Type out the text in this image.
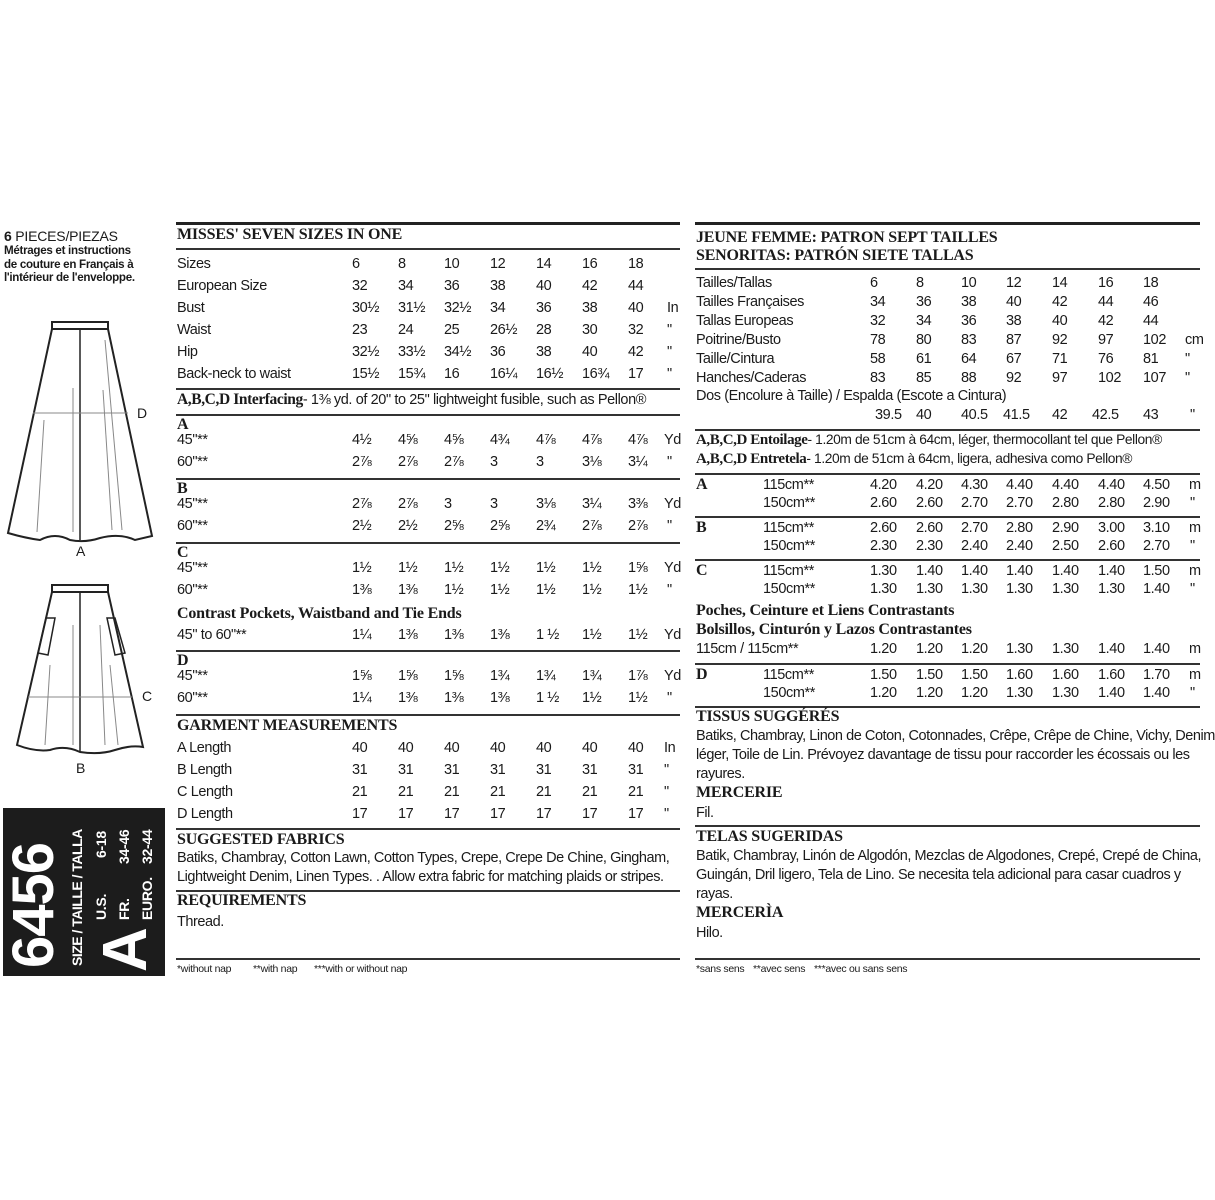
6 PIECES/PIEZAS
Métrages et instructions
de couture en Français à
l'intérieur de l'enveloppe.
D
A
C
B
6456 SIZE / TAILLE / TALLA A
U.S.
6-18
FR.
34-46
EURO.
32-44
MISSES' SEVEN SIZES IN ONE
Sizes	6	8	10 12 14 16 18
European Size	32 34 36 38 40 42 44
Bust	30½ 31½ 32½ 34 36 38 40 In
Waist	23 24 25 26½ 28 30 32 "
Hip	32½ 33½ 34½ 36 38 40 42 "
Back-neck to waist	15½ 15¾ 16 16¼ 16½ 16¾ 17 "
A,B,C,D Interfacing- 1⅜ yd. of 20" to 25" lightweight fusible, such as Pellon®
A
45"**	4½ 4⅝ 4⅝ 4¾ 4⅞ 4⅞ 4⅞ Yd
60"**	2⅞ 2⅞ 2⅞ 3	3	3⅛ 3¼ "
B
45"**	2⅞ 2⅞ 3	3	3⅛ 3¼ 3⅜ Yd
60"**	2½ 2½ 2⅝ 2⅝ 2¾ 2⅞ 2⅞ "
C
45"**	1½ 1½ 1½ 1½ 1½ 1½ 1⅝ Yd
60"**	1⅜ 1⅜ 1½ 1½ 1½ 1½ 1½ "
Contrast Pockets, Waistband and Tie Ends
45" to 60"**	1¼ 1⅜ 1⅜ 1⅜ 1 ½ 1½ 1½ Yd
D
45"**	1⅝ 1⅝ 1⅝ 1¾ 1¾ 1¾ 1⅞ Yd
60"**	1¼ 1⅜ 1⅜ 1⅜ 1 ½ 1½ 1½ "
GARMENT MEASUREMENTS
A Length	40 40 40 40 40 40 40 In
B Length	31 31 31 31 31 31 31 "
C Length	21 21 21 21 21 21 21 "
D Length	17 17 17 17 17 17 17 "
SUGGESTED FABRICS
Batiks, Chambray, Cotton Lawn, Cotton Types, Crepe, Crepe De Chine, Gingham,
Lightweight Denim, Linen Types. . Allow extra fabric for matching plaids or stripes.
REQUIREMENTS
Thread.
*without nap **with nap ***with or without nap
JEUNE FEMME: PATRON SEPT TAILLES
SENORITAS: PATRÓN SIETE TALLAS
Tailles/Tallas	6	8	10 12 14 16 18
Tailles Françaises	34 36 38 40 42 44 46
Tallas Europeas	32 34 36 38 40 42 44
Poitrine/Busto	78 80 83 87 92 97 102 cm
Taille/Cintura	58 61 64 67 71 76 81 "
Hanches/Caderas	83 85 88 92 97 102 107 "
Dos (Encolure à Taille) / Espalda (Escote a Cintura)
39.5 40 40.5 41.5 42 42.5 43 "
A,B,C,D Entoilage- 1.20m de 51cm à 64cm, léger, thermocollant tel que Pellon®
A,B,C,D Entretela- 1.20m de 51cm à 64cm, ligera, adhesiva como Pellon®
A	115cm**	4.20 4.20 4.30 4.40 4.40 4.40 4.50 m
150cm**	2.60 2.60 2.70 2.70 2.80 2.80 2.90 "
B	115cm**	2.60 2.60 2.70 2.80 2.90 3.00 3.10 m
150cm**	2.30 2.30 2.40 2.40 2.50 2.60 2.70 "
C	115cm**	1.30 1.40 1.40 1.40 1.40 1.40 1.50 m
150cm**	1.30 1.30 1.30 1.30 1.30 1.30 1.40 "
Poches, Ceinture et Liens Contrastants
Bolsillos, Cinturón y Lazos Contrastantes
115cm / 115cm**	1.20 1.20 1.20 1.30 1.30 1.40 1.40 m
D	115cm**	1.50 1.50 1.50 1.60 1.60 1.60 1.70 m
150cm**	1.20 1.20 1.20 1.30 1.30 1.40 1.40 "
TISSUS SUGGÉRÉS
Batiks, Chambray, Linon de Coton, Cotonnades, Crêpe, Crêpe de Chine, Vichy, Denim
léger, Toile de Lin. Prévoyez davantage de tissu pour raccorder les écossais ou les
rayures.
MERCERIE
Fil.
TELAS SUGERIDAS
Batik, Chambray, Linón de Algodón, Mezclas de Algodones, Crepé, Crepé de China,
Guingán, Dril ligero, Tela de Lino. Se necesita tela adicional para casar cuadros y
rayas.
MERCERÌA
Hilo.
*sans sens **avec sens ***avec ou sans sens
